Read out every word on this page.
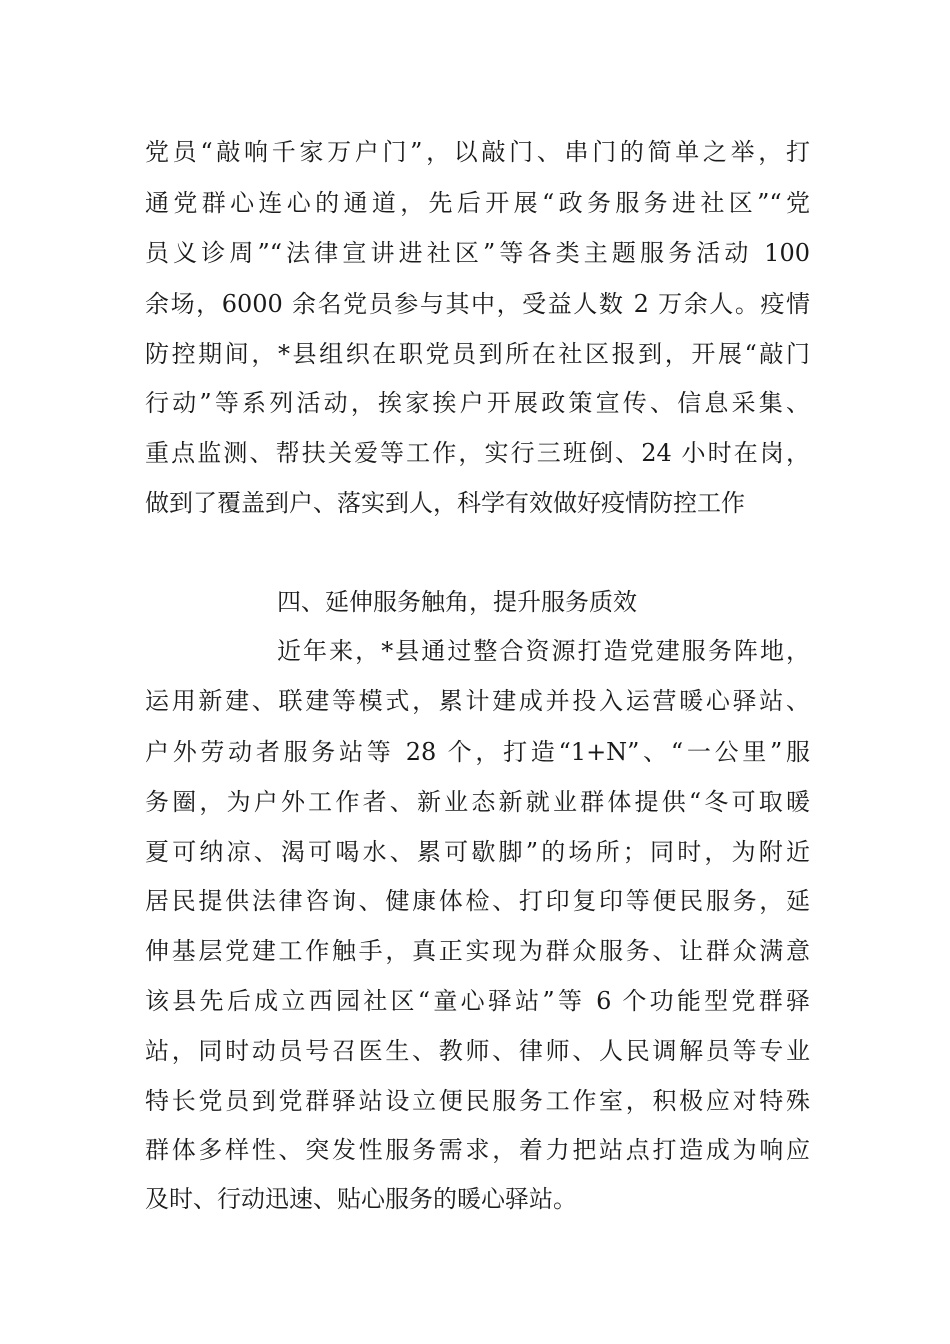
党员“敲响千家万户门”，以敲门、串门的简单之举，打
通党群心连心的通道，先后开展“政务服务进社区”“党
员义诊周”“法律宣讲进社区”等各类主题服务活动 100
余场，6000 余名党员参与其中，受益人数 2 万余人。疫情
防控期间，*县组织在职党员到所在社区报到，开展“敲门
行动”等系列活动，挨家挨户开展政策宣传、信息采集、
重点监测、帮扶关爱等工作，实行三班倒、24 小时在岗，
做到了覆盖到户、落实到人，科学有效做好疫情防控工作
四、延伸服务触角，提升服务质效
近年来，*县通过整合资源打造党建服务阵地，
运用新建、联建等模式，累计建成并投入运营暖心驿站、
户外劳动者服务站等 28 个，打造“1+N”、“一公里”服
务圈，为户外工作者、新业态新就业群体提供“冬可取暖
夏可纳凉、渴可喝水、累可歇脚”的场所；同时，为附近
居民提供法律咨询、健康体检、打印复印等便民服务，延
伸基层党建工作触手，真正实现为群众服务、让群众满意
该县先后成立西园社区“童心驿站”等 6 个功能型党群驿
站，同时动员号召医生、教师、律师、人民调解员等专业
特长党员到党群驿站设立便民服务工作室，积极应对特殊
群体多样性、突发性服务需求，着力把站点打造成为响应
及时、行动迅速、贴心服务的暖心驿站。
